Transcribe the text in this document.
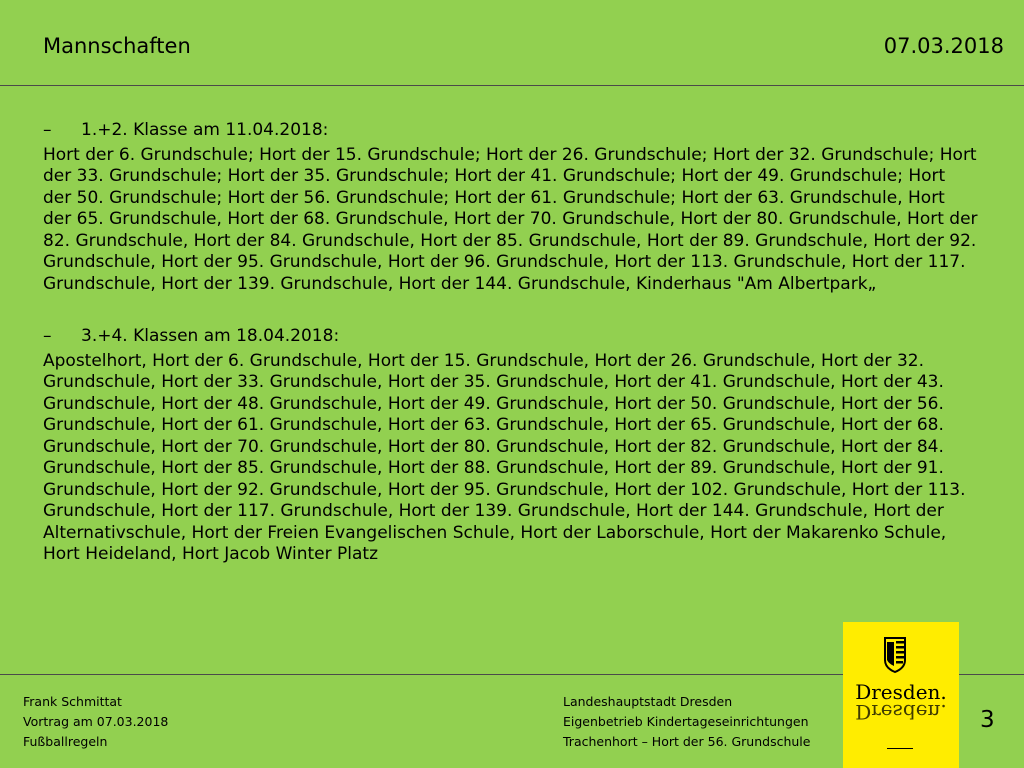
Mannschaften	07.03.2018
–	1.+2. Klasse am 11.04.2018:

Hort der 6. Grundschule; Hort der 15. Grundschule; Hort der 26. Grundschule; Hort der 32. Grundschule; Hort der 33. Grundschule; Hort der 35. Grundschule; Hort der 41. Grundschule; Hort der 49. Grundschule; Hort der 50. Grundschule; Hort der 56. Grundschule; Hort der 61. Grundschule; Hort der 63. Grundschule, Hort der 65. Grundschule, Hort der 68. Grundschule, Hort der 70. Grundschule, Hort der 80. Grundschule, Hort der 82. Grundschule, Hort der 84. Grundschule, Hort der 85. Grundschule, Hort der 89. Grundschule, Hort der 92. Grundschule, Hort der 95. Grundschule, Hort der 96. Grundschule, Hort der 113. Grundschule, Hort der 117. Grundschule, Hort der 139. Grundschule, Hort der 144. Grundschule, Kinderhaus "Am Albertpark„

–	3.+4. Klassen am 18.04.2018:

Apostelhort, Hort der 6. Grundschule, Hort der 15. Grundschule, Hort der 26. Grundschule, Hort der 32. Grundschule, Hort der 33. Grundschule, Hort der 35. Grundschule, Hort der 41. Grundschule, Hort der 43. Grundschule, Hort der 48. Grundschule, Hort der 49. Grundschule, Hort der 50. Grundschule, Hort der 56. Grundschule, Hort der 61. Grundschule, Hort der 63. Grundschule, Hort der 65. Grundschule, Hort der 68. Grundschule, Hort der 70. Grundschule, Hort der 80. Grundschule, Hort der 82. Grundschule, Hort der 84. Grundschule, Hort der 85. Grundschule, Hort der 88. Grundschule, Hort der 89. Grundschule, Hort der 91. Grundschule, Hort der 92. Grundschule, Hort der 95. Grundschule, Hort der 102. Grundschule, Hort der 113. Grundschule, Hort der 117. Grundschule, Hort der 139. Grundschule, Hort der 144. Grundschule, Hort der Alternativschule, Hort der Freien Evangelischen Schule, Hort der Laborschule, Hort der Makarenko Schule, Hort Heideland, Hort Jacob Winter Platz

Frank Schmittat
Vortrag am 07.03.2018
Fußballregeln
Landeshauptstadt Dresden
Eigenbetrieb Kindertageseinrichtungen
Trachenhort – Hort der 56. Grundschule
Dresden.
Dresden.	3
